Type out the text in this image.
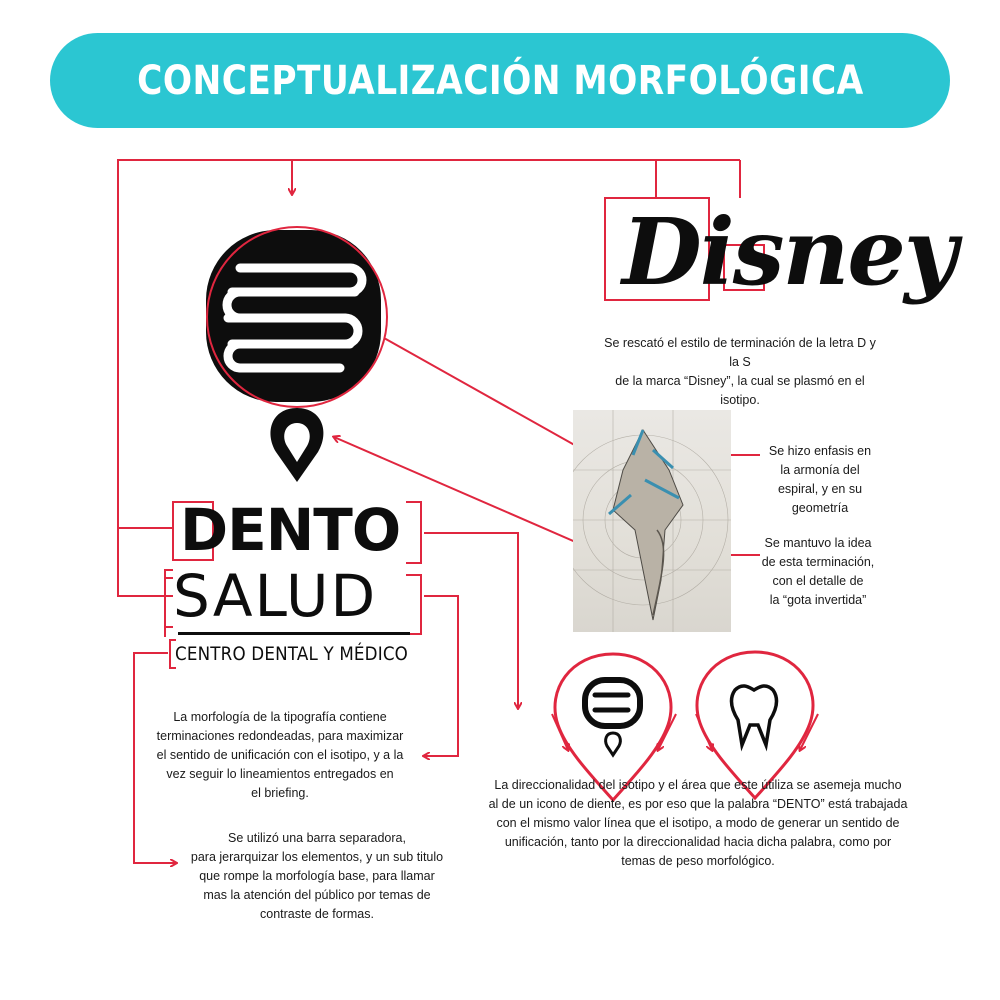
CONCEPTUALIZACIÓN MORFOLÓGICA
DENTO
SALUD
CENTRO DENTAL Y MÉDICO
Disney
Se rescató el estilo de terminación de la letra D y la S
de la marca “Disney”, la cual se plasmó en el isotipo.
Se hizo enfasis en
la armonía del
espiral, y en su geometría
Se mantuvo la idea
de esta terminación,
con el detalle de
la “gota invertida”
La morfología de la tipografía contiene
terminaciones redondeadas, para maximizar
el sentido de unificación con el isotipo, y a la
vez seguir lo lineamientos entregados en
el briefing.
Se utilizó una barra separadora,
para jerarquizar los elementos, y un sub titulo
que rompe la morfología base, para llamar
mas la atención del público por temas de
contraste de formas.
La direccionalidad del isotipo y el área que este útiliza se asemeja mucho
al de un icono de diente, es por eso que la palabra “DENTO” está trabajada
con el mismo valor línea que el isotipo, a modo de generar un sentido de
unificación, tanto por la direccionalidad hacia dicha palabra, como por
temas de peso morfológico.
